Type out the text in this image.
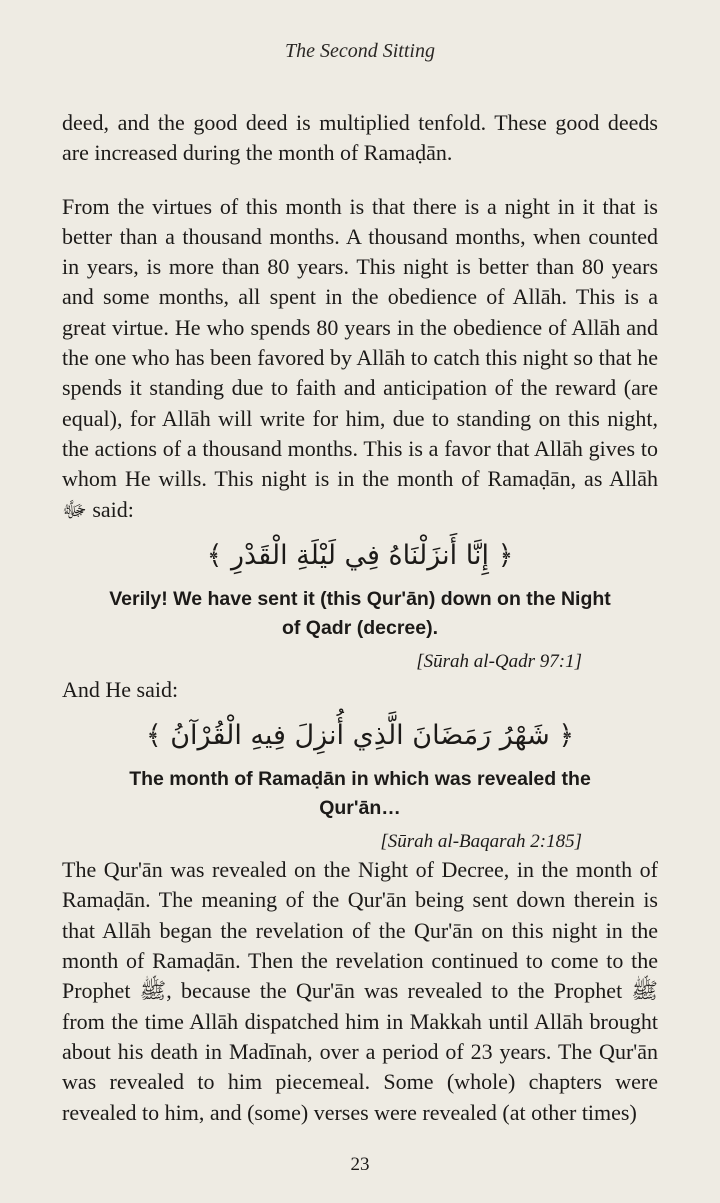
The Second Sitting

deed, and the good deed is multiplied tenfold. These good deeds are increased during the month of Ramaḍān.

From the virtues of this month is that there is a night in it that is better than a thousand months. A thousand months, when counted in years, is more than 80 years. This night is better than 80 years and some months, all spent in the obedience of Allāh. This is a great virtue. He who spends 80 years in the obedience of Allāh and the one who has been favored by Allāh to catch this night so that he spends it standing due to faith and anticipation of the reward (are equal), for Allāh will write for him, due to standing on this night, the actions of a thousand months. This is a favor that Allāh gives to whom He wills. This night is in the month of Ramaḍān, as Allāh ﷻ said:

﴿ إِنَّا أَنزَلْنَاهُ فِي لَيْلَةِ الْقَدْرِ ﴾
Verily! We have sent it (this Qur'ān) down on the Night of Qadr (decree).
[Sūrah al-Qadr 97:1]

And He said:

﴿ شَهْرُ رَمَضَانَ الَّذِي أُنزِلَ فِيهِ الْقُرْآنُ ﴾
The month of Ramaḍān in which was revealed the Qur'ān…
[Sūrah al-Baqarah 2:185]

The Qur'ān was revealed on the Night of Decree, in the month of Ramaḍān. The meaning of the Qur'ān being sent down therein is that Allāh began the revelation of the Qur'ān on this night in the month of Ramaḍān. Then the revelation continued to come to the Prophet ﷺ, because the Qur'ān was revealed to the Prophet ﷺ from the time Allāh dispatched him in Makkah until Allāh brought about his death in Madīnah, over a period of 23 years. The Qur'ān was revealed to him piecemeal. Some (whole) chapters were revealed to him, and (some) verses were revealed (at other times)

23
